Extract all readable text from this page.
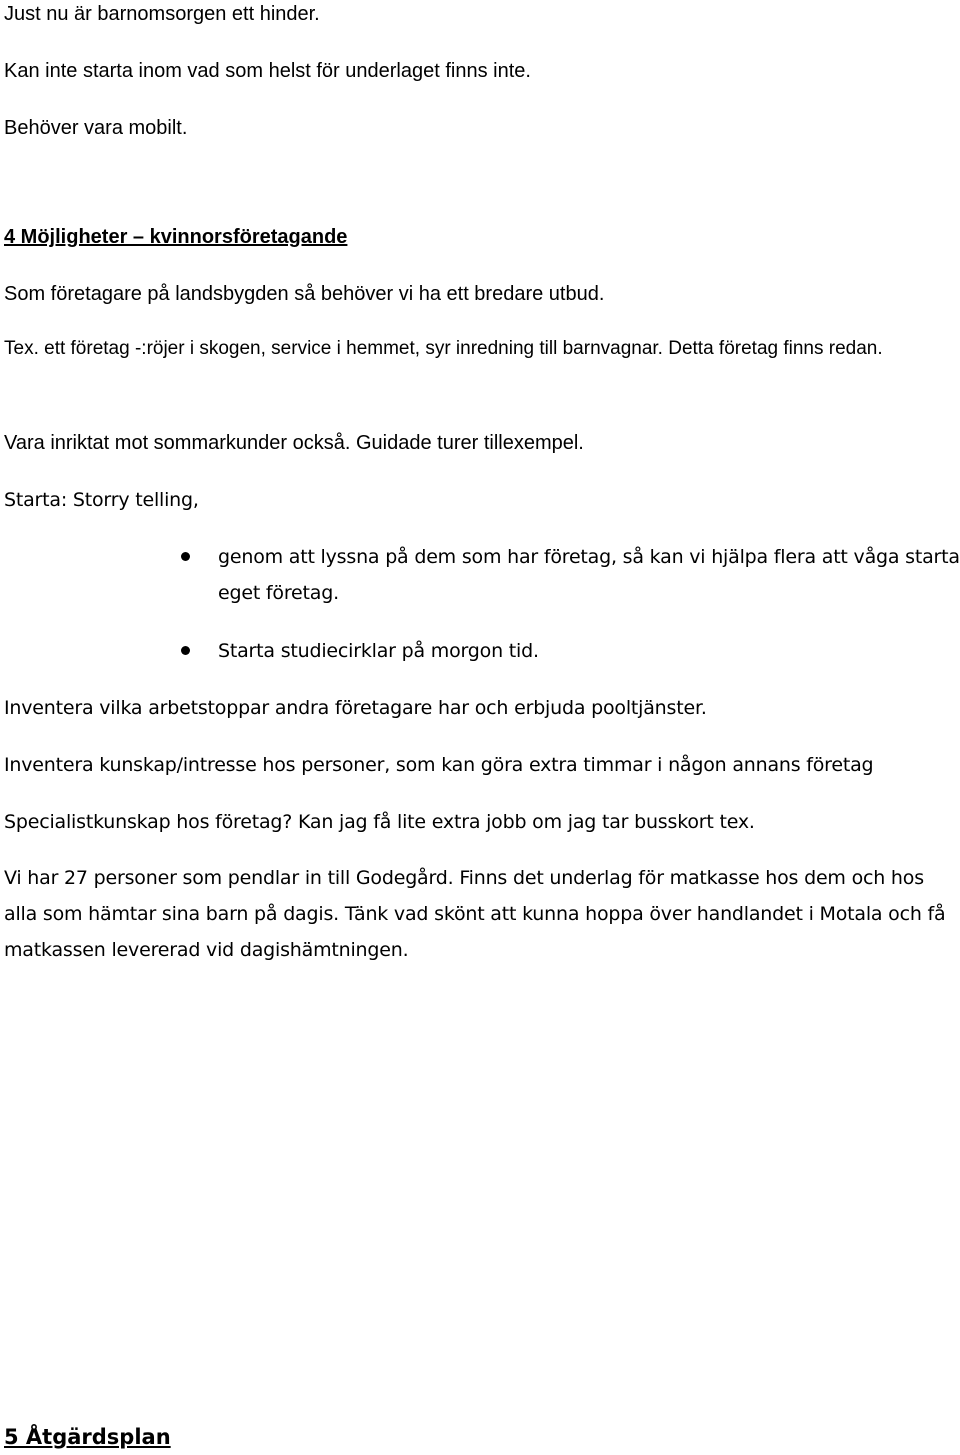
Just nu är barnomsorgen ett hinder.

Kan inte starta inom vad som helst för underlaget finns inte.

Behöver vara mobilt.

4 Möjligheter – kvinnorsföretagande

Som företagare på landsbygden så behöver vi ha ett bredare utbud.

Tex. ett företag -:röjer i skogen, service i hemmet, syr inredning till barnvagnar. Detta företag finns redan.

Vara inriktat mot sommarkunder också. Guidade turer tillexempel.

Starta: Storry telling,

genom att lyssna på dem som har företag, så kan vi hjälpa flera att våga starta eget företag.
Starta studiecirklar på morgon tid.

Inventera vilka arbetstoppar andra företagare har och erbjuda pooltjänster.

Inventera kunskap/intresse hos personer, som kan göra extra timmar i någon annans företag

Specialistkunskap hos företag? Kan jag få lite extra jobb om jag tar busskort tex.

Vi har 27 personer som pendlar in till Godegård. Finns det underlag för matkasse hos dem och hos alla som hämtar sina barn på dagis. Tänk vad skönt att kunna hoppa över handlandet i Motala och få matkassen levererad vid dagishämtningen.

5 Åtgärdsplan
